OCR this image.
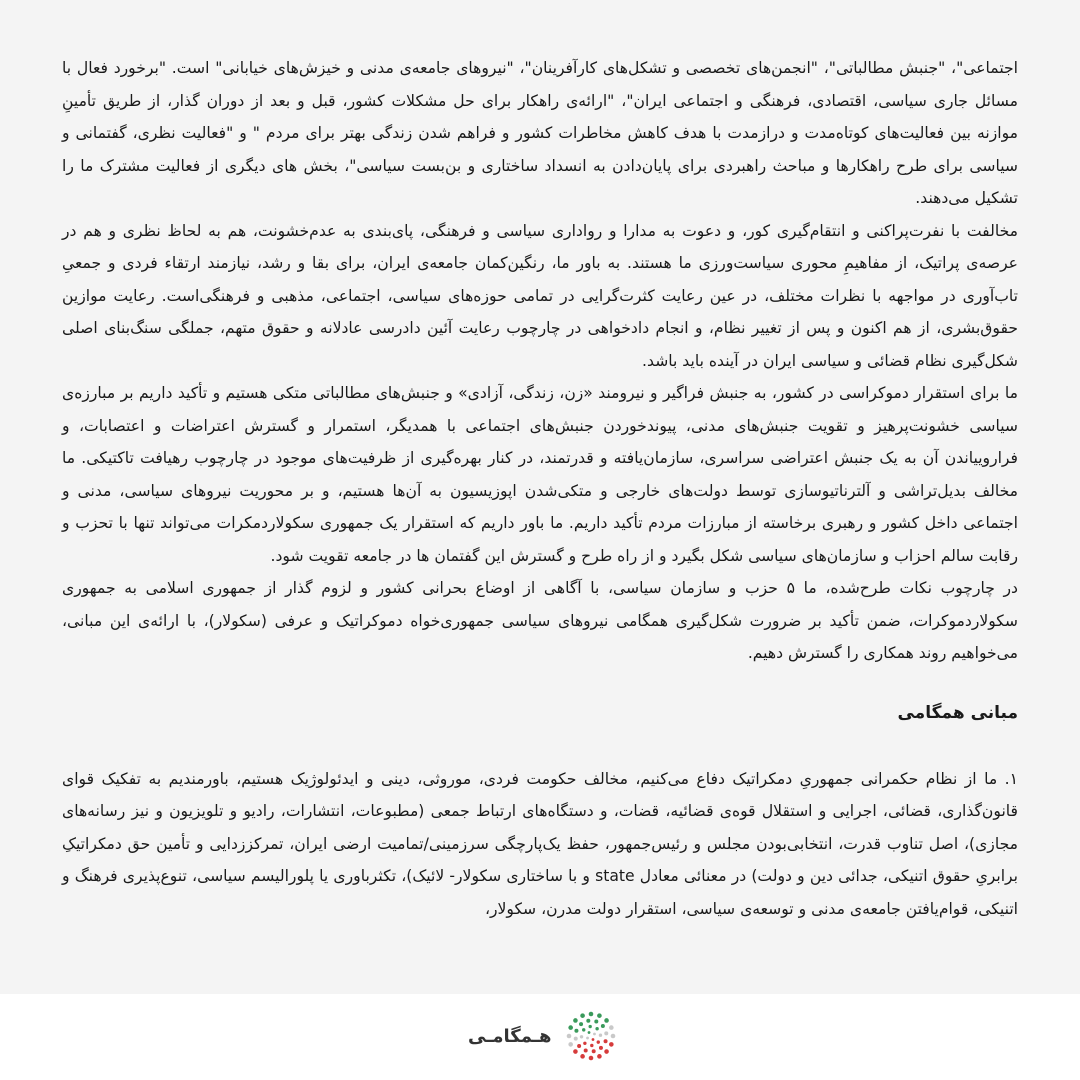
اجتماعی"، "جنبش مطالباتی"، "انجمن‌های تخصصی و تشکل‌های کارآفرینان"، "نیروهای جامعه‌ی مدنی و خیزش‌های خیابانی" است. "برخورد فعال با مسائل جاری سیاسی، اقتصادی، فرهنگی و اجتماعی ایران"، "ارائه‌ی راهکار برای حل مشکلات کشور، قبل و بعد از دوران گذار، از طریق تأمینِ موازنه بین فعالیت‌های کوتاه‌مدت و درازمدت با هدف کاهش مخاطرات کشور و فراهم شدن زندگی بهتر برای مردم " و "فعالیت نظری، گفتمانی و سیاسی برای طرح راهکارها و مباحث راهبردی برای پایان‌دادن به انسداد ساختاری و بن‌بست سیاسی"، بخش های دیگری از فعالیت مشترک ما را تشکیل می‌دهند.

مخالفت با نفرت‌پراکنی و انتقام‌گیری کور، و دعوت به مدارا و رواداری سیاسی و فرهنگی، پای‌بندی به عدم‌خشونت، هم به لحاظ نظری و هم در عرصه‌ی پراتیک، از مفاهیمِ محوری سیاست‌ورزی ما هستند. به باور ما، رنگین‌کمان جامعه‌ی ایران، برای بقا و رشد، نیازمند ارتقاء فردی و جمعیِ تاب‌آوری در مواجهه با نظرات مختلف، در عین رعایت کثرت‌گرایی در تمامی حوزه‌های سیاسی، اجتماعی، مذهبی و فرهنگی‌است. رعایت موازین حقوق‌بشری، از هم اکنون و پس از تغییر نظام، و انجام دادخواهی در چارچوب رعایت آئین دادرسی عادلانه و حقوق متهم، جملگی سنگ‌بنای اصلی شکل‌گیری نظام قضائی و سیاسی ایران در آینده باید باشد.

ما برای استقرار دموکراسی در کشور، به جنبش فراگیر و نیرومند «زن، زندگی، آزادی» و جنبش‌های مطالباتی متکی هستیم و تأکید داریم بر مبارزه‌ی سیاسی خشونت‌پرهیز و تقویت جنبش‌های مدنی، پیوندخوردن جنبش‌های اجتماعی با همدیگر، استمرار و گسترش اعتراضات و اعتصابات، و فراروییاندن آن به یک جنبش اعتراضی سراسری، سازمان‌یافته و قدرتمند، در کنار بهره‌گیری از ظرفیت‌های موجود در چارچوب رهیافت تاکتیکی. ما مخالف بدیل‌تراشی و آلترناتیوسازی توسط دولت‌های خارجی و متکی‌شدن اپوزیسیون به آن‌ها هستیم، و بر محوریت نیروهای سیاسی، مدنی و اجتماعی داخل کشور و رهبری برخاسته از مبارزات مردم تأکید داریم. ما باور داریم که استقرار یک جمهوری سکولاردمکرات می‌تواند تنها با تحزب و رقابت سالم احزاب و سازمان‌های سیاسی شکل بگیرد و از راه طرح و گسترش این گفتمان ها در جامعه تقویت شود.

در چارچوب نکات طرح‌شده، ما ۵ حزب و سازمان سیاسی، با آگاهی از اوضاع بحرانی کشور و لزوم گذار از جمهوری اسلامی به جمهوری سکولاردموکرات، ضمن تأکید بر ضرورت شکل‌گیری همگامی نیروهای سیاسی جمهوری‌خواه دموکراتیک و عرفی (سکولار)، با ارائه‌ی این مبانی، می‌خواهیم روند همکاری را گسترش دهیم.

مبانی همگامی

۱. ما از نظام حکمرانی جمهوریِ دمکراتیک دفاع می‌کنیم، مخالف حکومت فردی، موروثی، دینی و ایدئولوژیک هستیم، باورمندیم به تفکیک قوای قانون‌گذاری، قضائی، اجرایی و استقلال قوه‌ی قضائیه، قضات، و دستگاه‌های ارتباط جمعی (مطبوعات، انتشارات، رادیو و تلویزیون و نیز رسانه‌های مجازی)، اصل تناوب قدرت، انتخابی‌بودن مجلس و رئیس‌جمهور، حفظ یک‌پارچگی سرزمینی/تمامیت ارضی ایران، تمرکززدایی و تأمین حق دمکراتیکِ برابریِ حقوق اتنیکی، جدائی دین و دولت) در معنائی معادل state و با ساختاری سکولار- لائیک)، تکثرباوری یا پلورالیسم سیاسی، تنوع‌پذیری فرهنگ و اتنیکی، قوام‌یافتن جامعه‌ی مدنی و توسعه‌ی سیاسی، استقرار دولت مدرن، سکولار،

هـمگامـی
